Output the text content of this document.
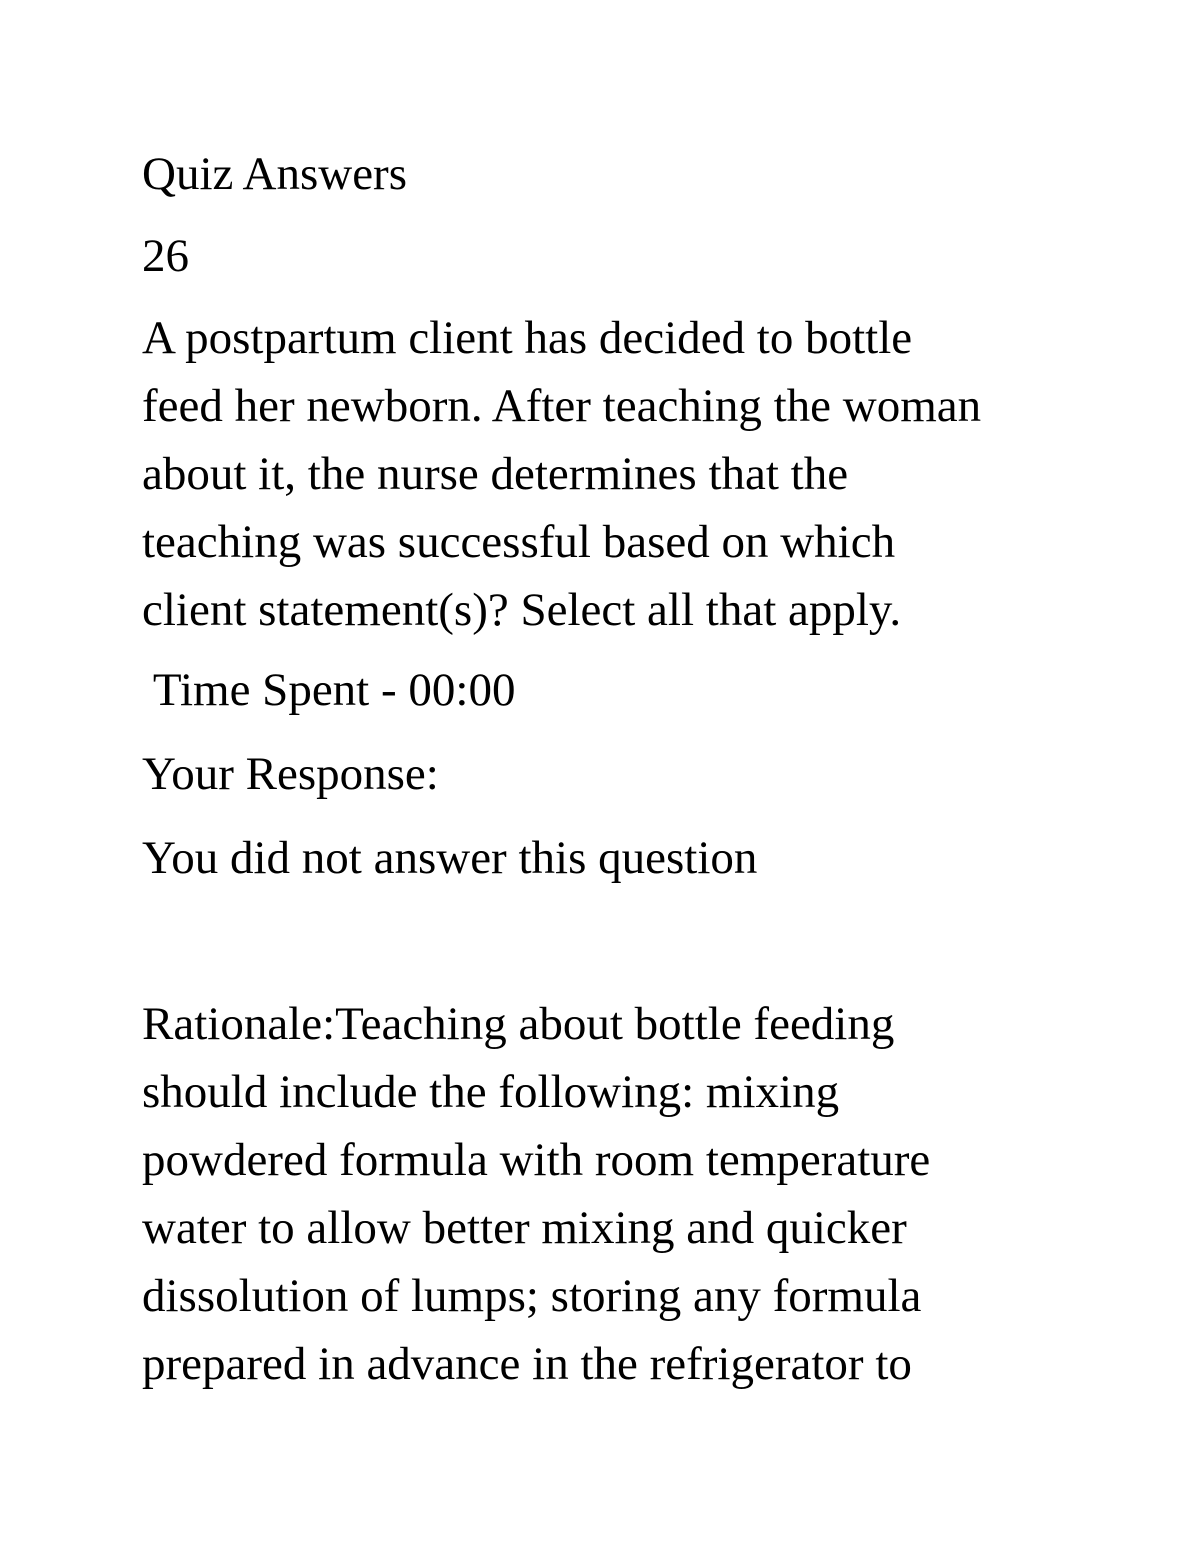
Quiz Answers

26

A postpartum client has decided to bottle
feed her newborn. After teaching the woman
about it, the nurse determines that the
teaching was successful based on which
client statement(s)? Select all that apply.

Time Spent - 00:00

Your Response:

You did not answer this question

Rationale:Teaching about bottle feeding
should include the following: mixing
powdered formula with room temperature
water to allow better mixing and quicker
dissolution of lumps; storing any formula
prepared in advance in the refrigerator to
